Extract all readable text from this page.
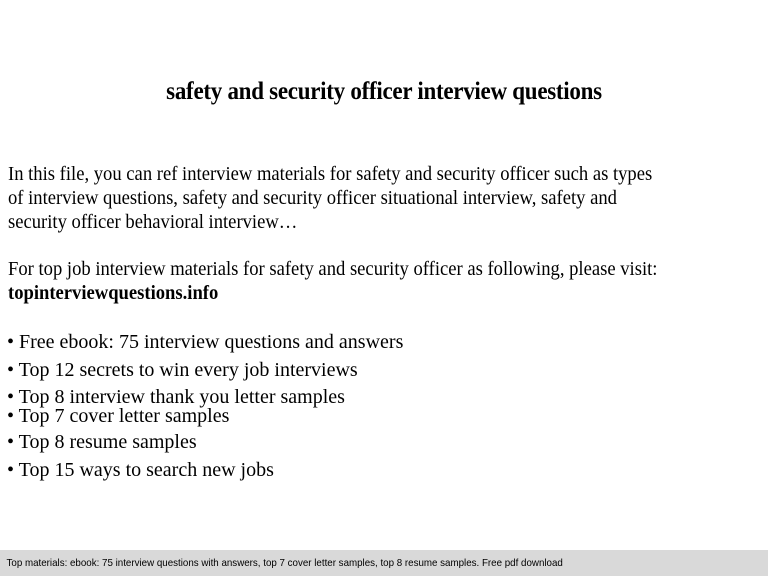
safety and security officer interview questions
In this file, you can ref interview materials for safety and security officer such as types
of interview questions, safety and security officer situational interview, safety and
security officer behavioral interview…
For top job interview materials for safety and security officer as following, please visit:
topinterviewquestions.info
• Free ebook: 75 interview questions and answers
• Top 12 secrets to win every job interviews
• Top 8 interview thank you letter samples
• Top 7 cover letter samples
• Top 8 resume samples
• Top 15 ways to search new jobs
Top materials: ebook: 75 interview questions with answers, top 7 cover letter samples, top 8 resume samples. Free pdf download
